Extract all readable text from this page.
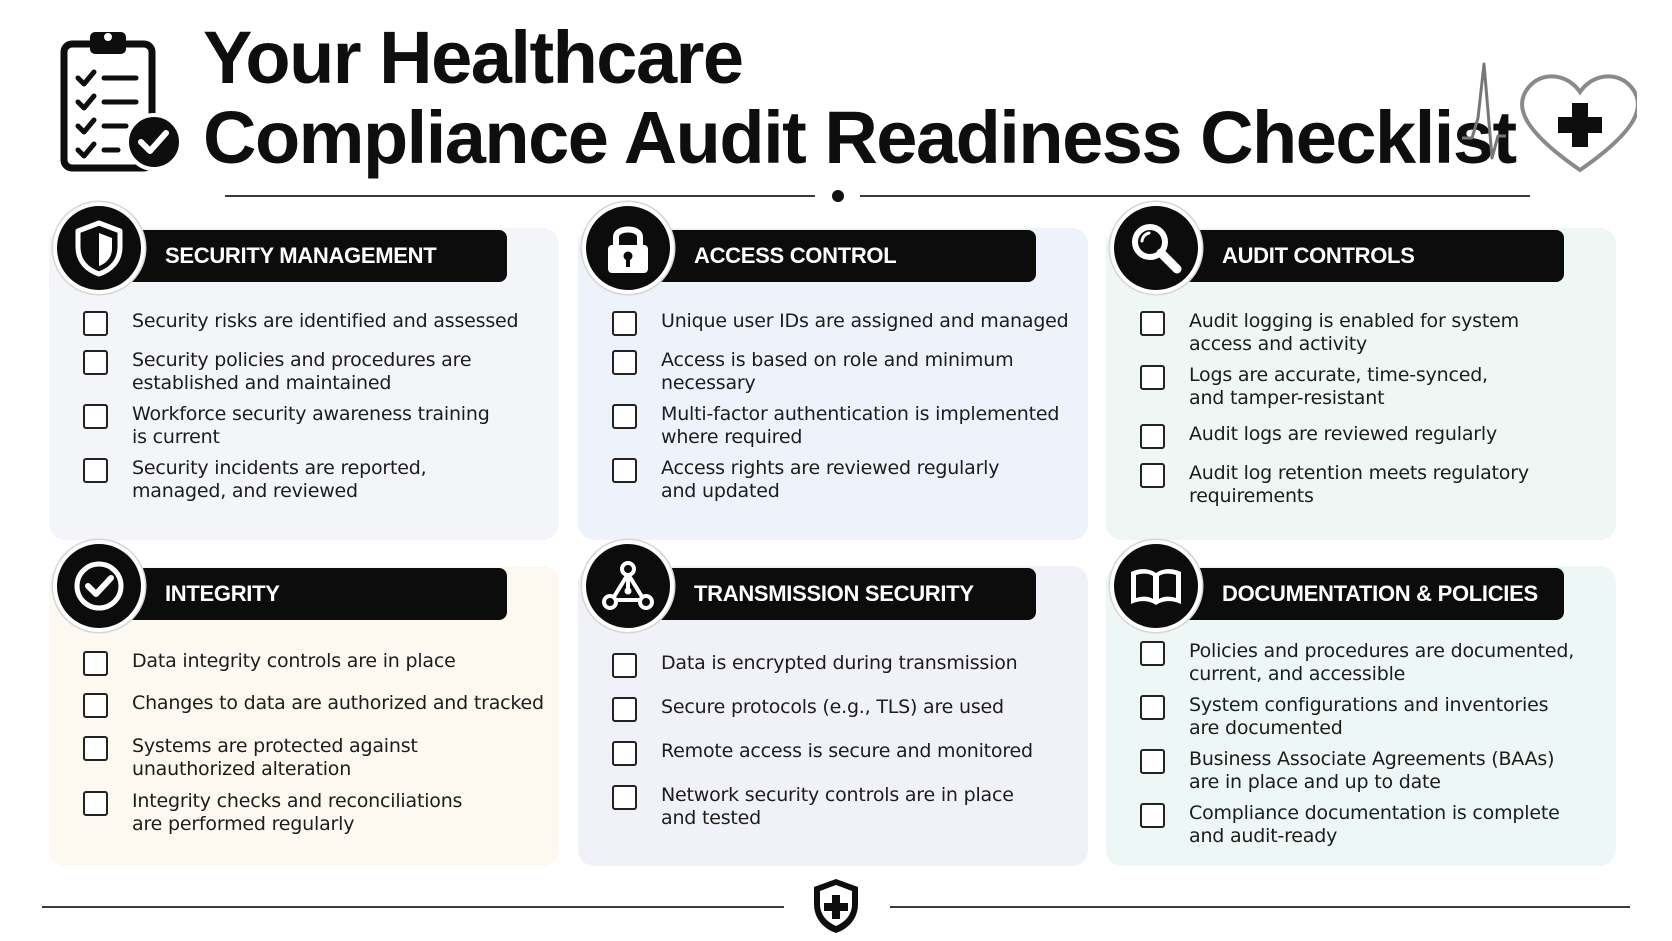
Your Healthcare
Compliance Audit Readiness Checklist
SECURITY MANAGEMENT
Security risks are identified and assessed
Security policies and procedures are
established and maintained
Workforce security awareness training
is current
Security incidents are reported,
managed, and reviewed
ACCESS CONTROL
Unique user IDs are assigned and managed
Access is based on role and minimum
necessary
Multi-factor authentication is implemented
where required
Access rights are reviewed regularly
and updated
AUDIT CONTROLS
Audit logging is enabled for system
access and activity
Logs are accurate, time-synced,
and tamper-resistant
Audit logs are reviewed regularly
Audit log retention meets regulatory
requirements
INTEGRITY
Data integrity controls are in place
Changes to data are authorized and tracked
Systems are protected against
unauthorized alteration
Integrity checks and reconciliations
are performed regularly
TRANSMISSION SECURITY
Data is encrypted during transmission
Secure protocols (e.g., TLS) are used
Remote access is secure and monitored
Network security controls are in place
and tested
DOCUMENTATION & POLICIES
Policies and procedures are documented,
current, and accessible
System configurations and inventories
are documented
Business Associate Agreements (BAAs)
are in place and up to date
Compliance documentation is complete
and audit-ready
